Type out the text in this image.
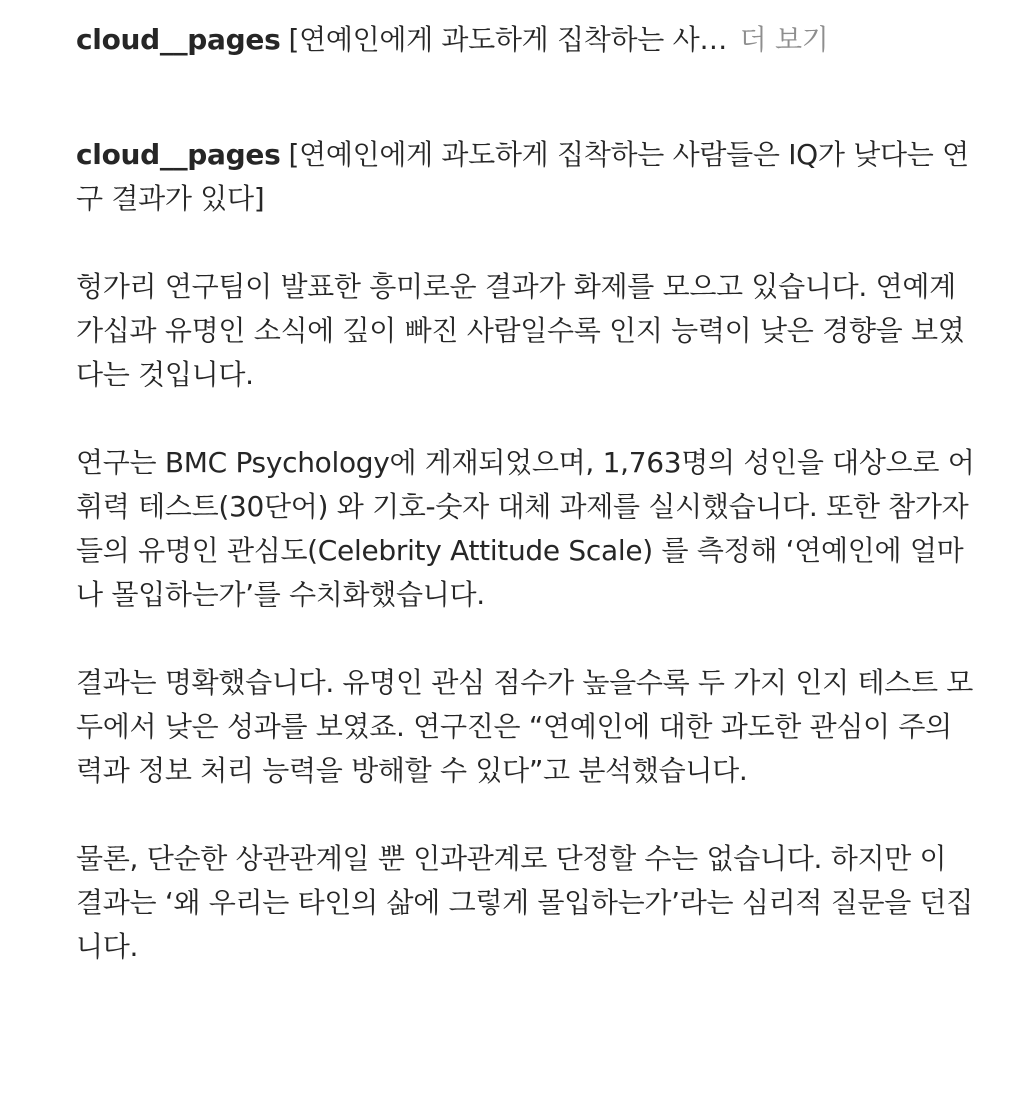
cloud__pages [연예인에게 과도하게 집착하는 사… 더 보기

cloud__pages [연예인에게 과도하게 집착하는 사람들은 IQ가 낮다는 연구 결과가 있다]

헝가리 연구팀이 발표한 흥미로운 결과가 화제를 모으고 있습니다. 연예계 가십과 유명인 소식에 깊이 빠진 사람일수록 인지 능력이 낮은 경향을 보였다는 것입니다.

연구는 BMC Psychology에 게재되었으며, 1,763명의 성인을 대상으로 어휘력 테스트(30단어) 와 기호-숫자 대체 과제를 실시했습니다. 또한 참가자들의 유명인 관심도(Celebrity Attitude Scale) 를 측정해 ‘연예인에 얼마나 몰입하는가’를 수치화했습니다.

결과는 명확했습니다. 유명인 관심 점수가 높을수록 두 가지 인지 테스트 모두에서 낮은 성과를 보였죠. 연구진은 “연예인에 대한 과도한 관심이 주의력과 정보 처리 능력을 방해할 수 있다”고 분석했습니다.

물론, 단순한 상관관계일 뿐 인과관계로 단정할 수는 없습니다. 하지만 이 결과는 ‘왜 우리는 타인의 삶에 그렇게 몰입하는가’라는 심리적 질문을 던집니다.
